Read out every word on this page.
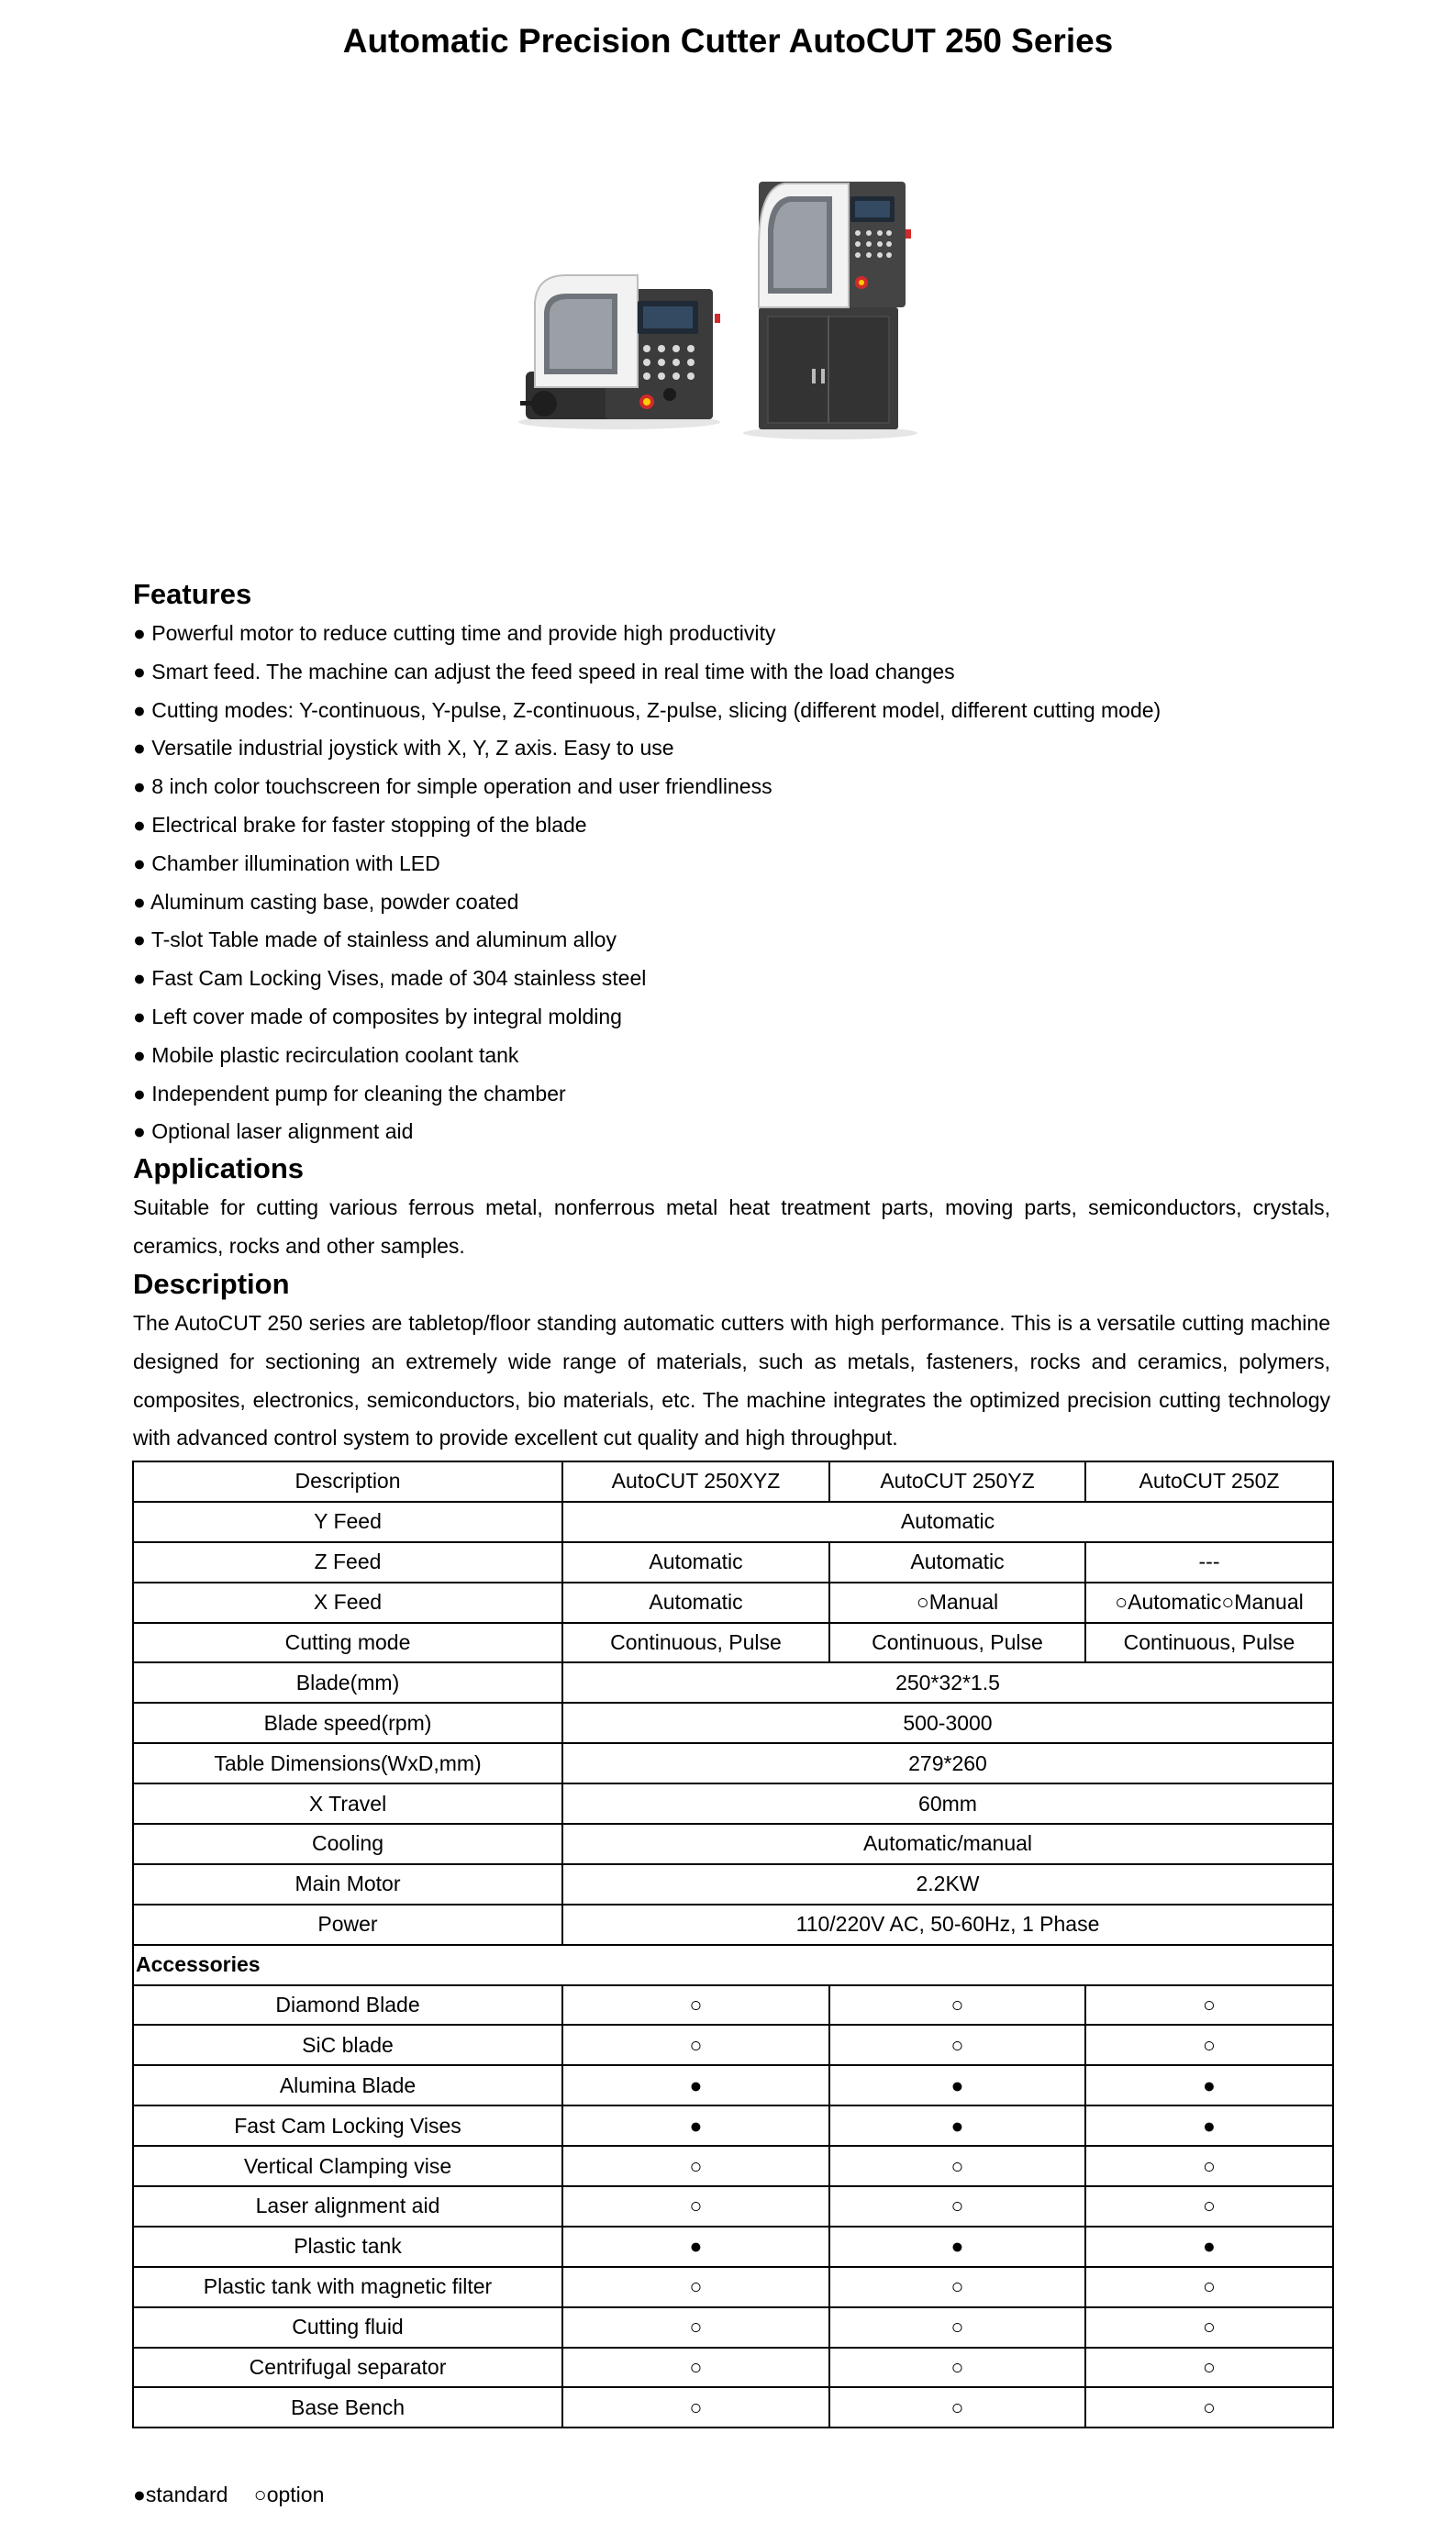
Automatic Precision Cutter AutoCUT 250 Series
Features
● Powerful motor to reduce cutting time and provide high productivity
● Smart feed. The machine can adjust the feed speed in real time with the load changes
● Cutting modes: Y-continuous, Y-pulse, Z-continuous, Z-pulse, slicing (different model, different cutting mode)
● Versatile industrial joystick with X, Y, Z axis. Easy to use
● 8 inch color touchscreen for simple operation and user friendliness
● Electrical brake for faster stopping of the blade
● Chamber illumination with LED
● Aluminum casting base, powder coated
● T-slot Table made of stainless and aluminum alloy
● Fast Cam Locking Vises, made of 304 stainless steel
● Left cover made of composites by integral molding
● Mobile plastic recirculation coolant tank
● Independent pump for cleaning the chamber
● Optional laser alignment aid
Applications

Suitable for cutting various ferrous metal, nonferrous metal heat treatment parts, moving parts, semiconductors, crystals, ceramics, rocks and other samples.

Description

The AutoCUT 250 series are tabletop/floor standing automatic cutters with high performance. This is a versatile cutting machine designed for sectioning an extremely wide range of materials, such as metals, fasteners, rocks and ceramics, polymers, composites, electronics, semiconductors, bio materials, etc. The machine integrates the optimized precision cutting technology with advanced control system to provide excellent cut quality and high throughput.

Description	AutoCUT 250XYZ	AutoCUT 250YZ	AutoCUT 250Z
Y Feed	Automatic		
Z Feed	Automatic	Automatic	---
X Feed	Automatic	○Manual	○Automatic○Manual
Cutting mode	Continuous, Pulse	Continuous, Pulse	Continuous, Pulse
Blade(mm)	250*32*1.5		
Blade speed(rpm)	500-3000		
Table Dimensions(WxD,mm)	279*260		
X Travel	60mm		
Cooling	Automatic/manual		
Main Motor	2.2KW		
Power	110/220V AC, 50-60Hz, 1 Phase		
Accessories			
Diamond Blade	○	○	○
SiC blade	○	○	○
Alumina Blade	●	●	●
Fast Cam Locking Vises	●	●	●
Vertical Clamping vise	○	○	○
Laser alignment aid	○	○	○
Plastic tank	●	●	●
Plastic tank with magnetic filter	○	○	○
Cutting fluid	○	○	○
Centrifugal separator	○	○	○
Base Bench	○	○	○
●standard ○option
